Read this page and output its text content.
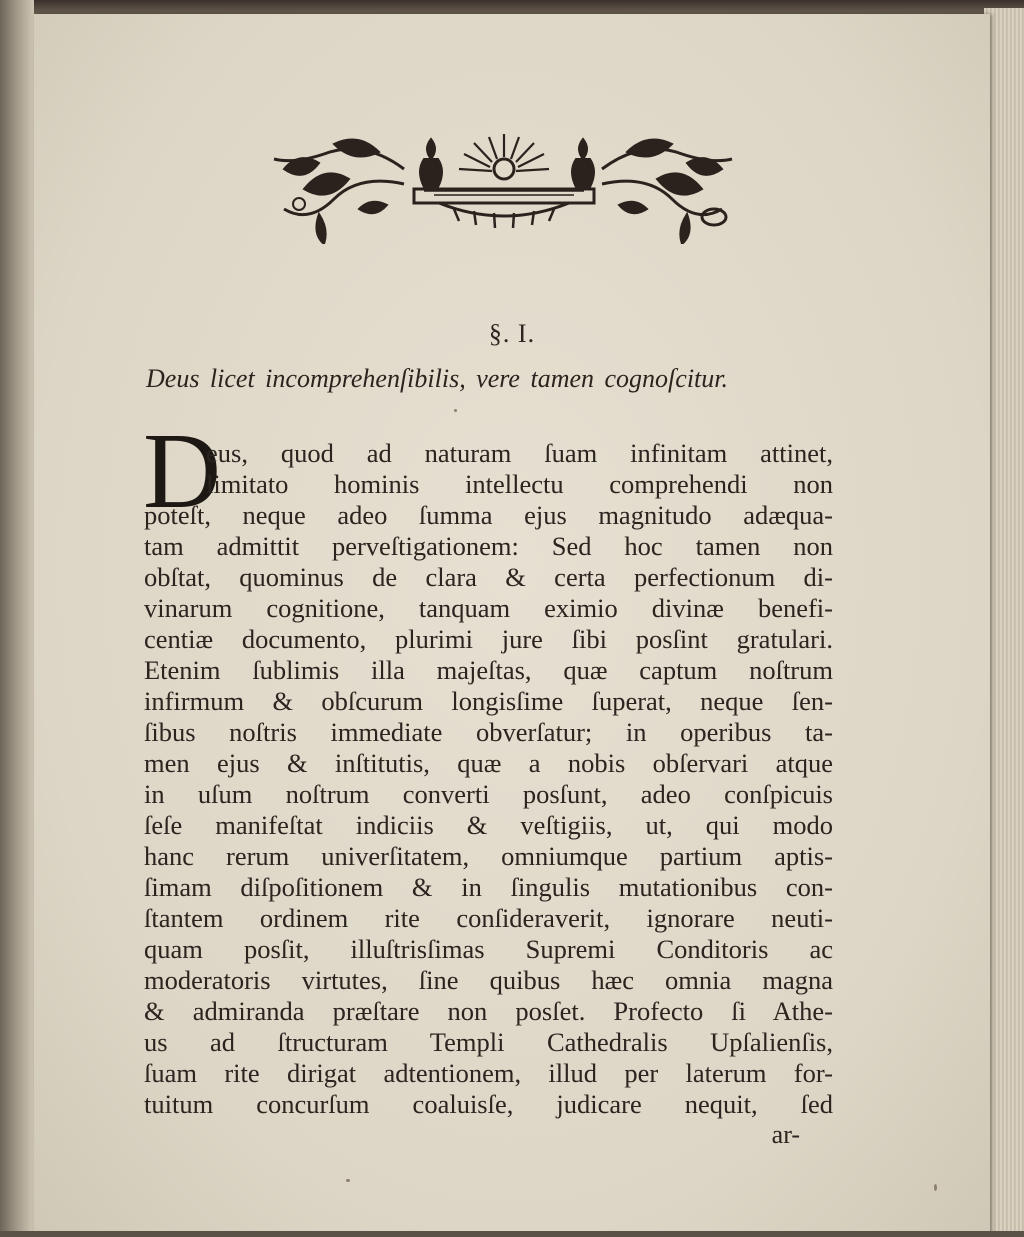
§. I.
Deus licet incomprehenſibilis, vere tamen cognoſcitur.
D
eus, quod ad naturam ſuam infinitam attinet,
limitato hominis intellectu comprehendi non
poteſt, neque adeo ſumma ejus magnitudo adæqua-
tam admittit perveſtigationem: Sed hoc tamen non
obſtat, quominus de clara & certa perfectionum di-
vinarum cognitione, tanquam eximio divinæ benefi-
centiæ documento, plurimi jure ſibi posſint gratulari.
Etenim ſublimis illa majeſtas, quæ captum noſtrum
infirmum & obſcurum longisſime ſuperat, neque ſen-
ſibus noſtris immediate obverſatur; in operibus ta-
men ejus & inſtitutis, quæ a nobis obſervari atque
in uſum noſtrum converti posſunt, adeo conſpicuis
ſeſe manifeſtat indiciis & veſtigiis, ut, qui modo
hanc rerum univerſitatem, omniumque partium aptis-
ſimam diſpoſitionem & in ſingulis mutationibus con-
ſtantem ordinem rite conſideraverit, ignorare neuti-
quam posſit, illuſtrisſimas Supremi Conditoris ac
moderatoris virtutes, ſine quibus hæc omnia magna
& admiranda præſtare non posſet. Profecto ſi Athe-
us ad ſtructuram Templi Cathedralis Upſalienſis,
ſuam rite dirigat adtentionem, illud per laterum for-
tuitum concurſum coaluisſe, judicare nequit, ſed
ar-
